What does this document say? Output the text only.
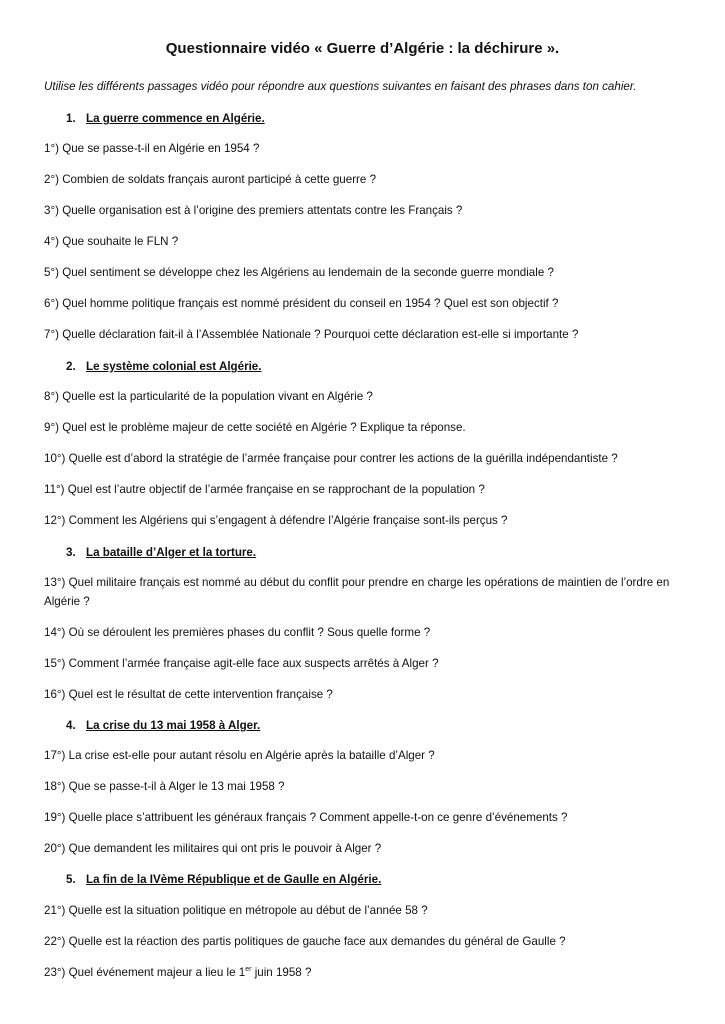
Questionnaire vidéo « Guerre d’Algérie : la déchirure ».

Utilise les différents passages vidéo pour répondre aux questions suivantes en faisant des phrases dans ton cahier.

1. La guerre commence en Algérie.

1°) Que se passe-t-il en Algérie en 1954 ?

2°) Combien de soldats français auront participé à cette guerre ?

3°) Quelle organisation est à l’origine des premiers attentats contre les Français ?

4°) Que souhaite le FLN ?

5°) Quel sentiment se développe chez les Algériens au lendemain de la seconde guerre mondiale ?

6°) Quel homme politique français est nommé président du conseil en 1954 ? Quel est son objectif ?

7°) Quelle déclaration fait-il à l’Assemblée Nationale ? Pourquoi cette déclaration est-elle si importante ?

2. Le système colonial est Algérie.

8°) Quelle est la particularité de la population vivant en Algérie ?

9°) Quel est le problème majeur de cette société en Algérie ? Explique ta réponse.

10°) Quelle est d’abord la stratégie de l’armée française pour contrer les actions de la guérilla indépendantiste ?

11°) Quel est l’autre objectif de l’armée française en se rapprochant de la population ?

12°) Comment les Algériens qui s’engagent à défendre l’Algérie française sont-ils perçus ?

3. La bataille d’Alger et la torture.

13°) Quel militaire français est nommé au début du conflit pour prendre en charge les opérations de maintien de l’ordre en Algérie ?

14°) Où se déroulent les premières phases du conflit ? Sous quelle forme ?

15°) Comment l’armée française agit-elle face aux suspects arrêtés à Alger ?

16°) Quel est le résultat de cette intervention française ?

4. La crise du 13 mai 1958 à Alger.

17°) La crise est-elle pour autant résolu en Algérie après la bataille d’Alger ?

18°) Que se passe-t-il à Alger le 13 mai 1958 ?

19°) Quelle place s’attribuent les généraux français ? Comment appelle-t-on ce genre d’événements ?

20°) Que demandent les militaires qui ont pris le pouvoir à Alger ?

5. La fin de la IVème République et de Gaulle en Algérie.

21°) Quelle est la situation politique en métropole au début de l’année 58 ?

22°) Quelle est la réaction des partis politiques de gauche face aux demandes du général de Gaulle ?

23°) Quel événement majeur a lieu le 1er juin 1958 ?
